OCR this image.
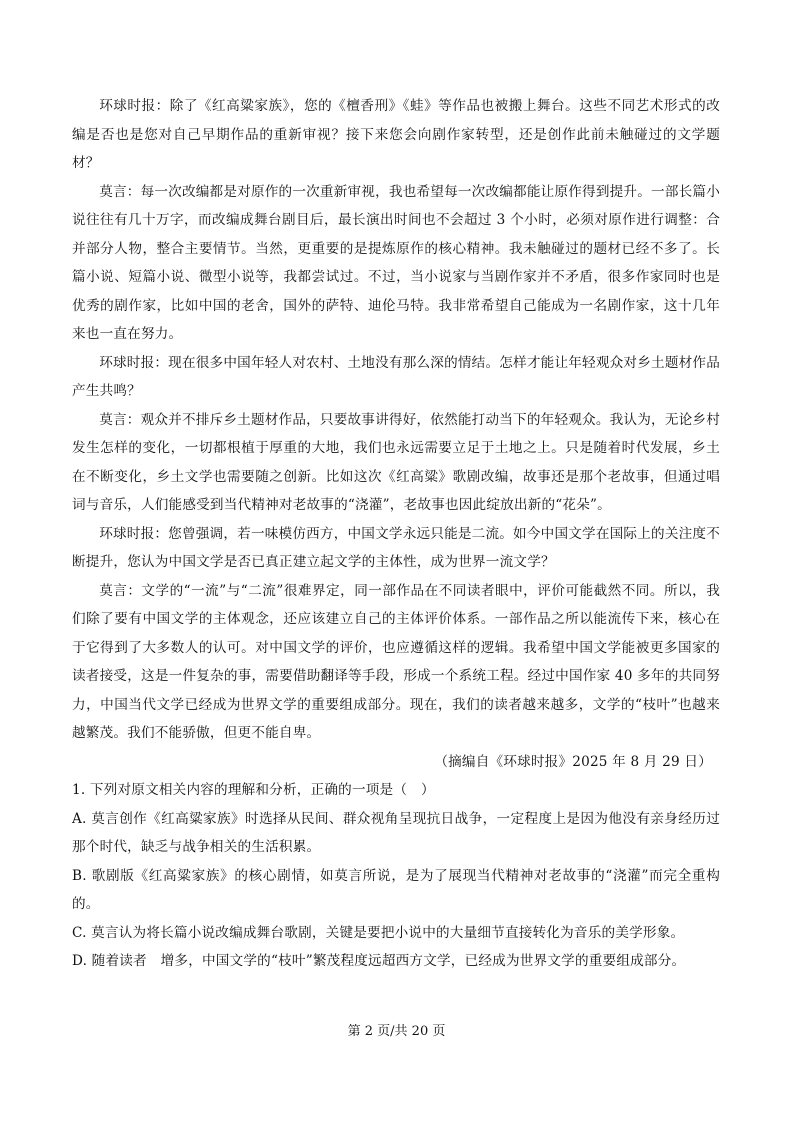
环球时报：除了《红高粱家族》，您的《檀香刑》《蛙》等作品也被搬上舞台。这些不同艺术形式的改编是否也是您对自己早期作品的重新审视？接下来您会向剧作家转型，还是创作此前未触碰过的文学题材？

莫言：每一次改编都是对原作的一次重新审视，我也希望每一次改编都能让原作得到提升。一部长篇小说往往有几十万字，而改编成舞台剧目后，最长演出时间也不会超过 3 个小时，必须对原作进行调整：合并部分人物，整合主要情节。当然，更重要的是提炼原作的核心精神。我未触碰过的题材已经不多了。长篇小说、短篇小说、微型小说等，我都尝试过。不过，当小说家与当剧作家并不矛盾，很多作家同时也是优秀的剧作家，比如中国的老舍，国外的萨特、迪伦马特。我非常希望自己能成为一名剧作家，这十几年来也一直在努力。

环球时报：现在很多中国年轻人对农村、土地没有那么深的情结。怎样才能让年轻观众对乡土题材作品产生共鸣？

莫言：观众并不排斥乡土题材作品，只要故事讲得好，依然能打动当下的年轻观众。我认为，无论乡村发生怎样的变化，一切都根植于厚重的大地，我们也永远需要立足于土地之上。只是随着时代发展，乡土在不断变化，乡土文学也需要随之创新。比如这次《红高粱》歌剧改编，故事还是那个老故事，但通过唱词与音乐，人们能感受到当代精神对老故事的“浇灌”，老故事也因此绽放出新的“花朵”。

环球时报：您曾强调，若一味模仿西方，中国文学永远只能是二流。如今中国文学在国际上的关注度不断提升，您认为中国文学是否已真正建立起文学的主体性，成为世界一流文学？

莫言：文学的“一流”与“二流”很难界定，同一部作品在不同读者眼中，评价可能截然不同。所以，我们除了要有中国文学的主体观念，还应该建立自己的主体评价体系。一部作品之所以能流传下来，核心在于它得到了大多数人的认可。对中国文学的评价，也应遵循这样的逻辑。我希望中国文学能被更多国家的读者接受，这是一件复杂的事，需要借助翻译等手段，形成一个系统工程。经过中国作家 40 多年的共同努力，中国当代文学已经成为世界文学的重要组成部分。现在，我们的读者越来越多，文学的“枝叶”也越来越繁茂。我们不能骄傲，但更不能自卑。

（摘编自《环球时报》2025 年 8 月 29 日）

1. 下列对原文相关内容的理解和分析，正确的一项是（　）

A. 莫言创作《红高粱家族》时选择从民间、群众视角呈现抗日战争，一定程度上是因为他没有亲身经历过那个时代，缺乏与战争相关的生活积累。

B. 歌剧版《红高粱家族》的核心剧情，如莫言所说，是为了展现当代精神对老故事的“浇灌”而完全重构的。

C. 莫言认为将长篇小说改编成舞台歌剧，关键是要把小说中的大量细节直接转化为音乐的美学形象。

D. 随着读者　增多，中国文学的“枝叶”繁茂程度远超西方文学，已经成为世界文学的重要组成部分。

第 2 页/共 20 页
